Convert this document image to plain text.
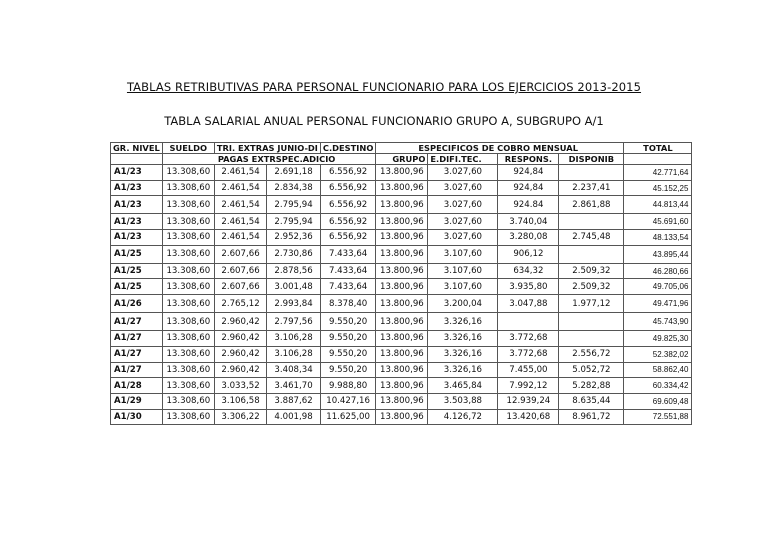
TABLAS RETRIBUTIVAS PARA PERSONAL FUNCIONARIO PARA LOS EJERCICIOS 2013-2015
TABLA SALARIAL ANUAL PERSONAL FUNCIONARIO GRUPO A, SUBGRUPO A/1
GR. NIVEL	SUELDO	TRI. EXTRAS JUNIO-DI		C.DESTINO	ESPECIFICOS DE COBRO MENSUAL				TOTAL
	PAGAS EXTRSPEC.ADICIO				GRUPO	E.DIFI.TEC.	RESPONS.	DISPONIB	
A1/23	13.308,60	2.461,54	2.691,18	6.556,92	13.800,96	3.027,60	924,84		42.771,64
A1/23	13.308,60	2.461,54	2.834,38	6.556,92	13.800,96	3.027,60	924,84	2.237,41	45.152,25
A1/23	13.308,60	2.461,54	2.795,94	6.556,92	13.800,96	3.027,60	924.84	2.861,88	44.813,44
A1/23	13.308,60	2.461,54	2.795,94	6.556,92	13.800,96	3.027,60	3.740,04		45.691,60
A1/23	13.308,60	2.461,54	2.952,36	6.556,92	13.800,96	3.027,60	3.280,08	2.745,48	48.133,54
A1/25	13.308,60	2.607,66	2.730,86	7.433,64	13.800,96	3.107,60	906,12		43.895,44
A1/25	13.308,60	2.607,66	2.878,56	7.433,64	13.800,96	3.107,60	634,32	2.509,32	46.280,66
A1/25	13.308,60	2.607,66	3.001,48	7.433,64	13.800,96	3.107,60	3.935,80	2.509,32	49.705,06
A1/26	13.308,60	2.765,12	2.993,84	8.378,40	13.800,96	3.200,04	3.047,88	1.977,12	49.471,96
A1/27	13.308,60	2.960,42	2.797,56	9.550,20	13.800,96	3.326,16			45.743,90
A1/27	13.308,60	2.960,42	3.106,28	9.550,20	13.800,96	3.326,16	3.772,68		49.825,30
A1/27	13.308,60	2.960,42	3.106,28	9.550,20	13.800,96	3.326,16	3.772,68	2.556,72	52.382,02
A1/27	13.308,60	2.960,42	3.408,34	9.550,20	13.800,96	3.326,16	7.455,00	5.052,72	58.862,40
A1/28	13.308,60	3.033,52	3.461,70	9.988,80	13.800,96	3.465,84	7.992,12	5.282,88	60.334,42
A1/29	13.308,60	3.106,58	3.887,62	10.427,16	13.800,96	3.503,88	12.939,24	8.635,44	69.609,48
A1/30	13.308,60	3.306,22	4.001,98	11.625,00	13.800,96	4.126,72	13.420,68	8.961,72	72.551,88
